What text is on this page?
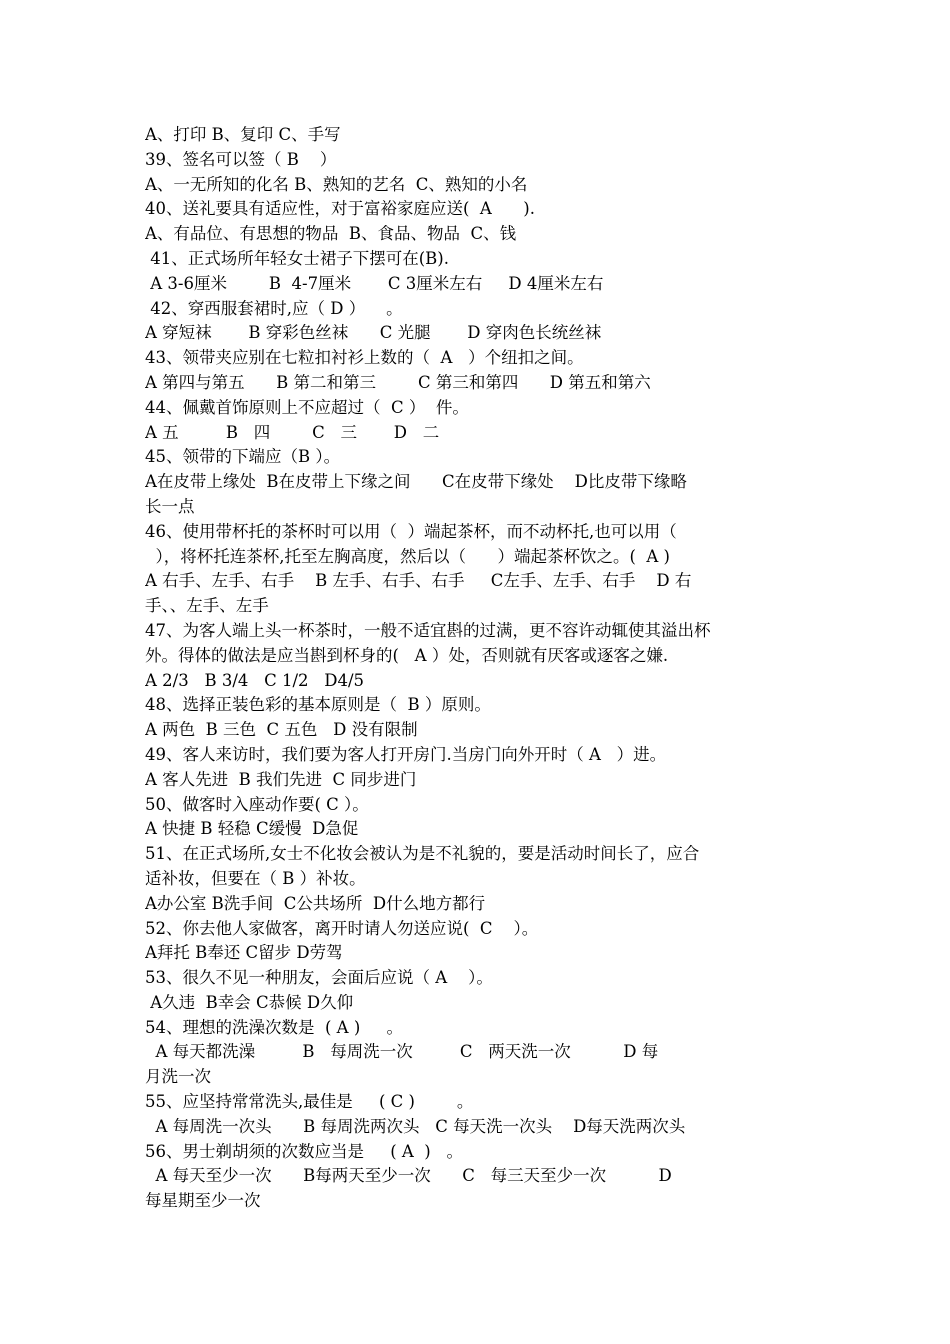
A、打印 B、复印 C、手写
39、签名可以签（ B    ）
A、一无所知的化名 B、熟知的艺名  C、熟知的小名
40、送礼要具有适应性，对于富裕家庭应送(  A      ).
A、有品位、有思想的物品  B、食品、物品  C、钱
41、正式场所年轻女士裙子下摆可在(B).
A 3-6厘米        B  4-7厘米       C 3厘米左右     D 4厘米左右
42、穿西服套裙时,应（ D ）    。
A 穿短袜       B 穿彩色丝袜      C 光腿       D 穿肉色长统丝袜
43、领带夹应别在七粒扣衬衫上数的（  A   ）个纽扣之间。
A 第四与第五      B 第二和第三        C 第三和第四      D 第五和第六
44、佩戴首饰原则上不应超过（  C ）  件。
A 五         B   四        C   三       D   二
45、领带的下端应（B ）。
A在皮带上缘处  B在皮带上下缘之间      C在皮带下缘处    D比皮带下缘略
长一点
46、使用带杯托的茶杯时可以用（  ）端起茶杯，而不动杯托,也可以用（
），将杯托连茶杯,托至左胸高度，然后以（      ）端起茶杯饮之。(  A )
A 右手、左手、右手    B 左手、右手、右手     C左手、左手、右手    D 右
手、、左手、左手
47、为客人端上头一杯茶时，一般不适宜斟的过满，更不容许动辄使其溢出杯
外。得体的做法是应当斟到杯身的(   A ）处，否则就有厌客或逐客之嫌.
A 2/3   B 3/4   C 1/2   D4/5
48、选择正装色彩的基本原则是（  B ）原则。
A 两色  B 三色  C 五色   D 没有限制
49、客人来访时，我们要为客人打开房门.当房门向外开时（ A   ）进。
A 客人先进  B 我们先进  C 同步进门
50、做客时入座动作要( C ）。
A 快捷 B 轻稳 C缓慢  D急促
51、在正式场所,女士不化妆会被认为是不礼貌的，要是活动时间长了，应合
适补妆，但要在（ B ）补妆。
A办公室 B洗手间  C公共场所  D什么地方都行
52、你去他人家做客，离开时请人勿送应说(  C    ）。
A拜托 B奉还 C留步 D劳驾
53、很久不见一种朋友，会面后应说（ A    ）。
A久违  B幸会 C恭候 D久仰
54、理想的洗澡次数是  ( A )     。
A 每天都洗澡         B   每周洗一次         C   两天洗一次          D 每
月洗一次
55、应坚持常常洗头,最佳是     ( C )        。
A 每周洗一次头      B 每周洗两次头   C 每天洗一次头    D每天洗两次头
56、男士剃胡须的次数应当是     ( A  )   。
A 每天至少一次      B每两天至少一次      C   每三天至少一次          D
每星期至少一次
